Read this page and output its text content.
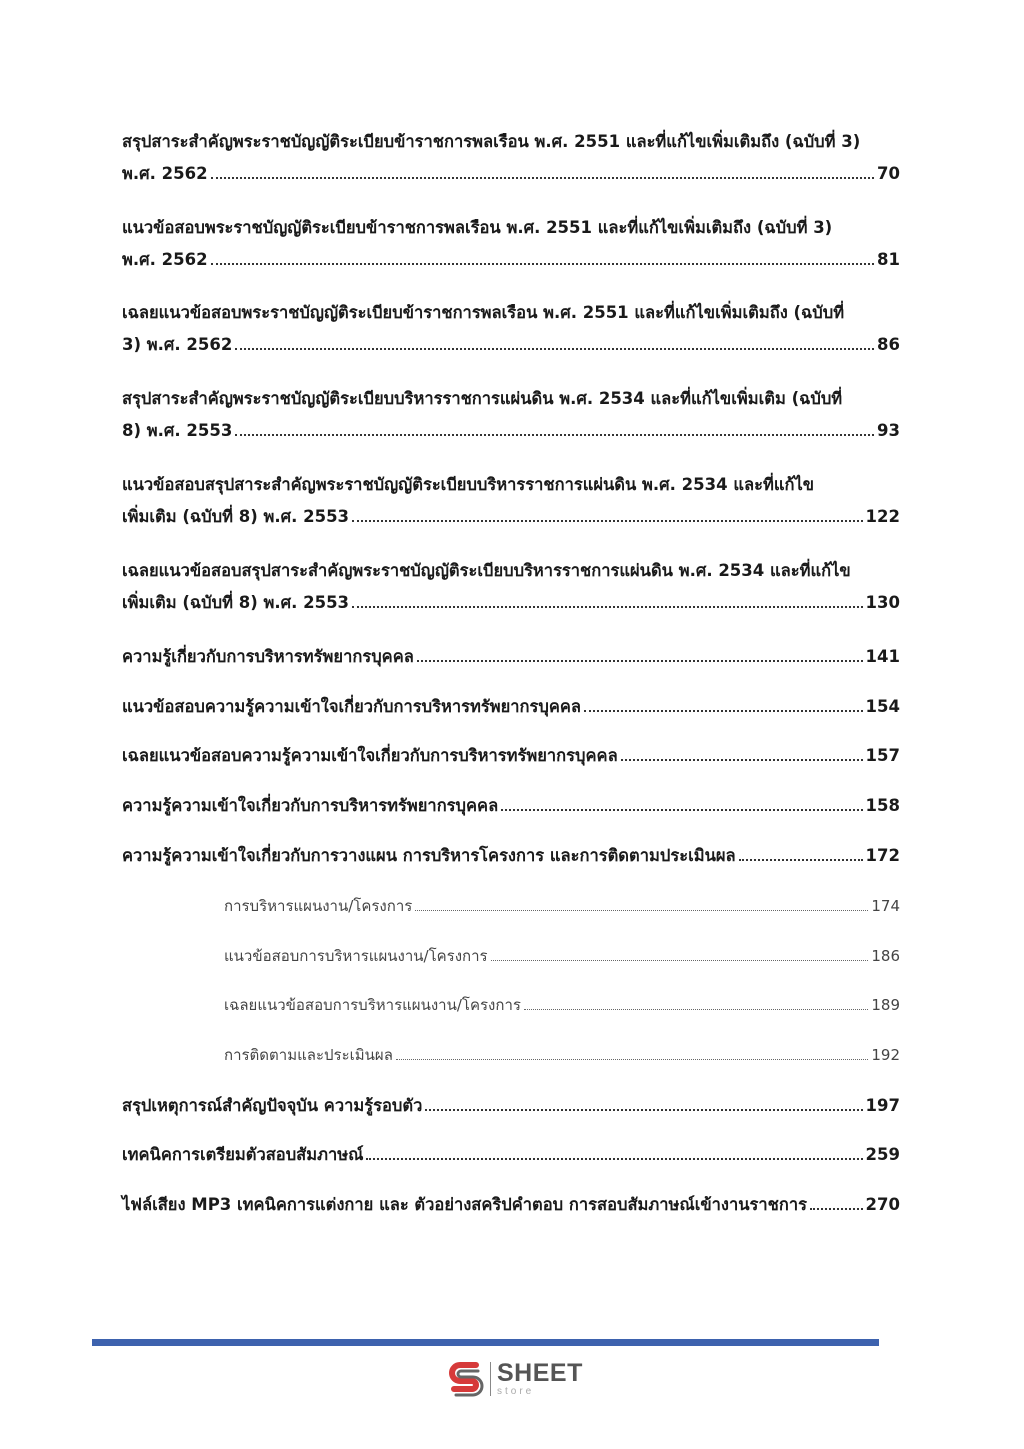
สรุปสาระสำคัญพระราชบัญญัติระเบียบข้าราชการพลเรือน พ.ศ. 2551 และที่แก้ไขเพิ่มเติมถึง (ฉบับที่ 3)
พ.ศ. 2562	70
แนวข้อสอบพระราชบัญญัติระเบียบข้าราชการพลเรือน พ.ศ. 2551 และที่แก้ไขเพิ่มเติมถึง (ฉบับที่ 3)
พ.ศ. 2562	81
เฉลยแนวข้อสอบพระราชบัญญัติระเบียบข้าราชการพลเรือน พ.ศ. 2551 และที่แก้ไขเพิ่มเติมถึง (ฉบับที่
3) พ.ศ. 2562	86
สรุปสาระสำคัญพระราชบัญญัติระเบียบบริหารราชการแผ่นดิน พ.ศ. 2534 และที่แก้ไขเพิ่มเติม (ฉบับที่
8) พ.ศ. 2553	93
แนวข้อสอบสรุปสาระสำคัญพระราชบัญญัติระเบียบบริหารราชการแผ่นดิน พ.ศ. 2534 และที่แก้ไข
เพิ่มเติม (ฉบับที่ 8) พ.ศ. 2553	122
เฉลยแนวข้อสอบสรุปสาระสำคัญพระราชบัญญัติระเบียบบริหารราชการแผ่นดิน พ.ศ. 2534 และที่แก้ไข
เพิ่มเติม (ฉบับที่ 8) พ.ศ. 2553	130
ความรู้เกี่ยวกับการบริหารทรัพยากรบุคคล	141
แนวข้อสอบความรู้ความเข้าใจเกี่ยวกับการบริหารทรัพยากรบุคคล	154
เฉลยแนวข้อสอบความรู้ความเข้าใจเกี่ยวกับการบริหารทรัพยากรบุคคล	157
ความรู้ความเข้าใจเกี่ยวกับการบริหารทรัพยากรบุคคล	158
ความรู้ความเข้าใจเกี่ยวกับการวางแผน การบริหารโครงการ และการติดตามประเมินผล	172
การบริหารแผนงาน/โครงการ	174
แนวข้อสอบการบริหารแผนงาน/โครงการ	186
เฉลยแนวข้อสอบการบริหารแผนงาน/โครงการ	189
การติดตามและประเมินผล	192
สรุปเหตุการณ์สำคัญปัจจุบัน ความรู้รอบตัว	197
เทคนิคการเตรียมตัวสอบสัมภาษณ์	259
ไฟล์เสียง MP3 เทคนิคการแต่งกาย และ ตัวอย่างสคริปคำตอบ การสอบสัมภาษณ์เข้างานราชการ	270
SHEET
store
